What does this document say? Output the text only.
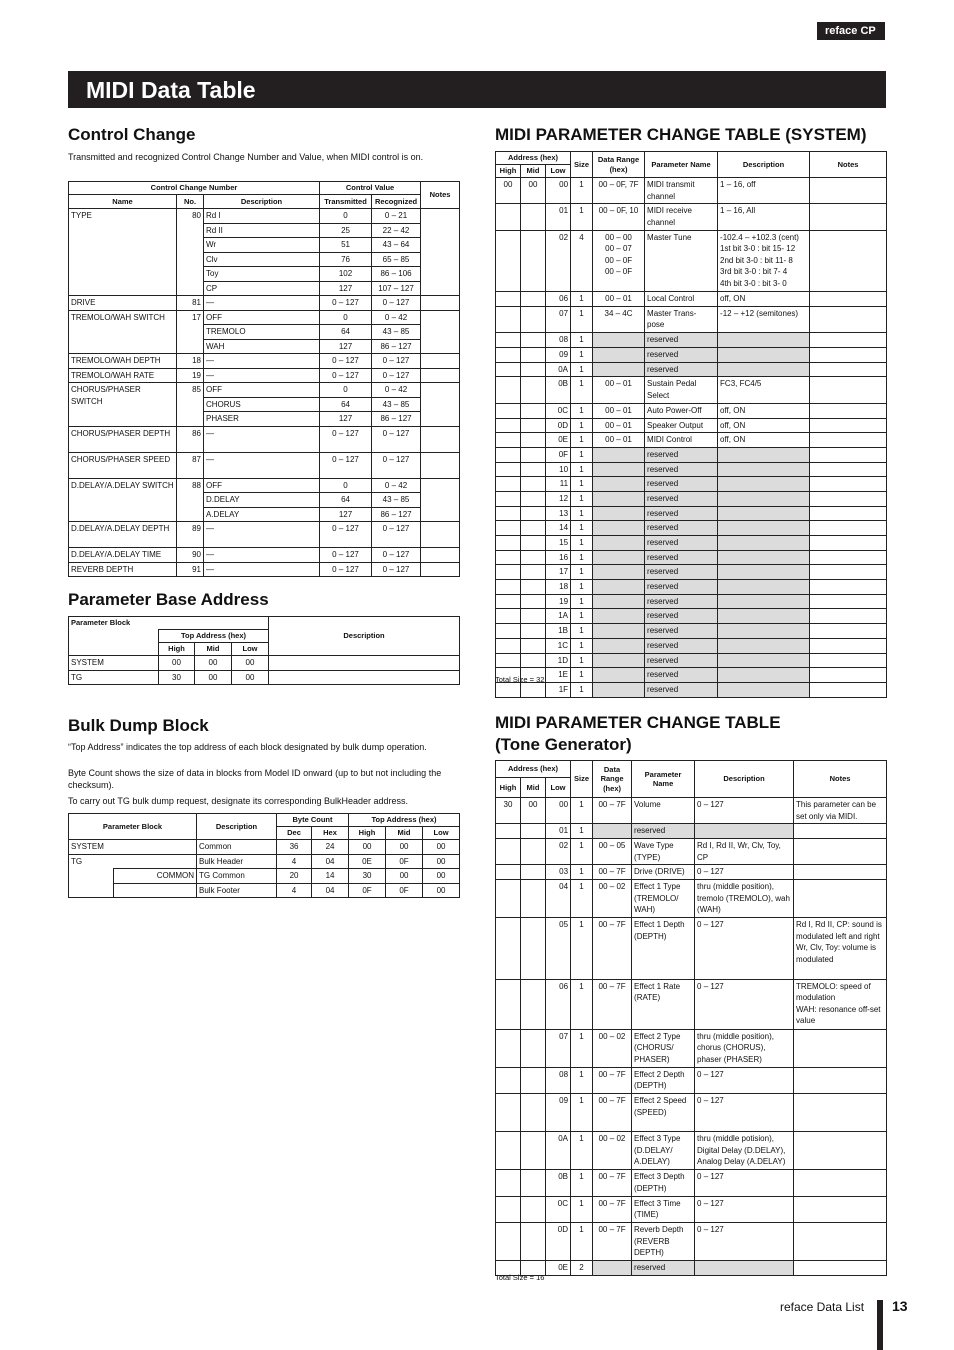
reface CP
MIDI Data Table
Control Change
Transmitted and recognized Control Change Number and Value, when MIDI control is on.
Control Change Number			Control Value		Notes
Name	No.	Description	Transmitted	Recognized	
TYPE	80	Rd I	0	0 – 21	
		Rd II	25	22 – 42	
		Wr	51	43 – 64	
		Clv	76	65 – 85	
		Toy	102	86 – 106	
		CP	127	107 – 127	
DRIVE	81	—	0 – 127	0 – 127	
TREMOLO/WAH SWITCH	17	OFF	0	0 – 42	
		TREMOLO	64	43 – 85	
		WAH	127	86 – 127	
TREMOLO/WAH DEPTH	18	—	0 – 127	0 – 127	
TREMOLO/WAH RATE	19	—	0 – 127	0 – 127	
CHORUS/PHASER SWITCH	85	OFF	0	0 – 42	
		CHORUS	64	43 – 85	
		PHASER	127	86 – 127	
CHORUS/PHASER DEPTH	86	—	0 – 127	0 – 127	
CHORUS/PHASER SPEED	87	—	0 – 127	0 – 127	
D.DELAY/A.DELAY SWITCH	88	OFF	0	0 – 42	
		D.DELAY	64	43 – 85	
		A.DELAY	127	86 – 127	
D.DELAY/A.DELAY DEPTH	89	—	0 – 127	0 – 127	
D.DELAY/A.DELAY TIME	90	—	0 – 127	0 – 127	
REVERB DEPTH	91	—	0 – 127	0 – 127	
Parameter Base Address
Parameter Block				Description
	Top Address (hex)			
	High	Mid	Low	
SYSTEM	00	00	00	
TG	30	00	00	
Bulk Dump Block
“Top Address” indicates the top address of each block designated by bulk dump operation.
Byte Count shows the size of data in blocks from Model ID onward (up to but not including the checksum).
To carry out TG bulk dump request, designate its corresponding BulkHeader address.
Parameter Block		Description	Byte Count		Top Address (hex)		
			Dec	Hex	High	Mid	Low
SYSTEM		Common	36	24	00	00	00
TG		Bulk Header	4	04	0E	0F	00
	COMMON	TG Common	20	14	30	00	00
		Bulk Footer	4	04	0F	0F	00
MIDI PARAMETER CHANGE TABLE (SYSTEM)
Address (hex)			Size	Data Range (hex)	Parameter Name	Description	Notes
High	Mid	Low					
00	00	00	1	00 – 0F, 7F	MIDI transmit channel	1 – 16, off	
		01	1	00 – 0F, 10	MIDI receive channel	1 – 16, All	
		02	4	00 – 00
00 – 07
00 – 0F
00 – 0F	Master Tune	-102.4 – +102.3 (cent)
1st bit 3-0 : bit 15- 12
2nd bit 3-0 : bit 11- 8
3rd bit 3-0 : bit 7- 4
4th bit 3-0 : bit 3- 0	
		06	1	00 – 01	Local Control	off, ON	
		07	1	34 – 4C	Master Trans-
pose	-12 – +12 (semitones)	
		08	1		reserved		
		09	1		reserved		
		0A	1		reserved		
		0B	1	00 – 01	Sustain Pedal Select	FC3, FC4/5	
		0C	1	00 – 01	Auto Power-Off	off, ON	
		0D	1	00 – 01	Speaker Output	off, ON	
		0E	1	00 – 01	MIDI Control	off, ON	
		0F	1		reserved		
		10	1		reserved		
		11	1		reserved		
		12	1		reserved		
		13	1		reserved		
		14	1		reserved		
		15	1		reserved		
		16	1		reserved		
		17	1		reserved		
		18	1		reserved		
		19	1		reserved		
		1A	1		reserved		
		1B	1		reserved		
		1C	1		reserved		
		1D	1		reserved		
		1E	1		reserved		
		1F	1		reserved		
Total Size = 32
MIDI PARAMETER CHANGE TABLE
(Tone Generator)
Address (hex)			Size	Data Range (hex)	Parameter Name	Description	Notes
High	Mid	Low					
30	00	00	1	00 – 7F	Volume	0 – 127	This parameter can be set only via MIDI.
		01	1		reserved		
		02	1	00 – 05	Wave Type (TYPE)	Rd I, Rd II, Wr, Clv, Toy, CP	
		03	1	00 – 7F	Drive (DRIVE)	0 – 127	
		04	1	00 – 02	Effect 1 Type (TREMOLO/ WAH)	thru (middle position), tremolo (TREMOLO), wah (WAH)	
		05	1	00 – 7F	Effect 1 Depth (DEPTH)	0 – 127	Rd I, Rd II, CP: sound is modulated left and right
Wr, Clv, Toy: volume is modulated
		06	1	00 – 7F	Effect 1 Rate (RATE)	0 – 127	TREMOLO: speed of modulation
WAH: resonance off-set value
		07	1	00 – 02	Effect 2 Type (CHORUS/ PHASER)	thru (middle position), chorus (CHORUS), phaser (PHASER)	
		08	1	00 – 7F	Effect 2 Depth (DEPTH)	0 – 127	
		09	1	00 – 7F	Effect 2 Speed (SPEED)	0 – 127	
		0A	1	00 – 02	Effect 3 Type (D.DELAY/ A.DELAY)	thru (middle potision), Digital Delay (D.DELAY), Analog Delay (A.DELAY)	
		0B	1	00 – 7F	Effect 3 Depth (DEPTH)	0 – 127	
		0C	1	00 – 7F	Effect 3 Time (TIME)	0 – 127	
		0D	1	00 – 7F	Reverb Depth (REVERB DEPTH)	0 – 127	
		0E	2		reserved		
Total Size = 16
reface Data List 13
